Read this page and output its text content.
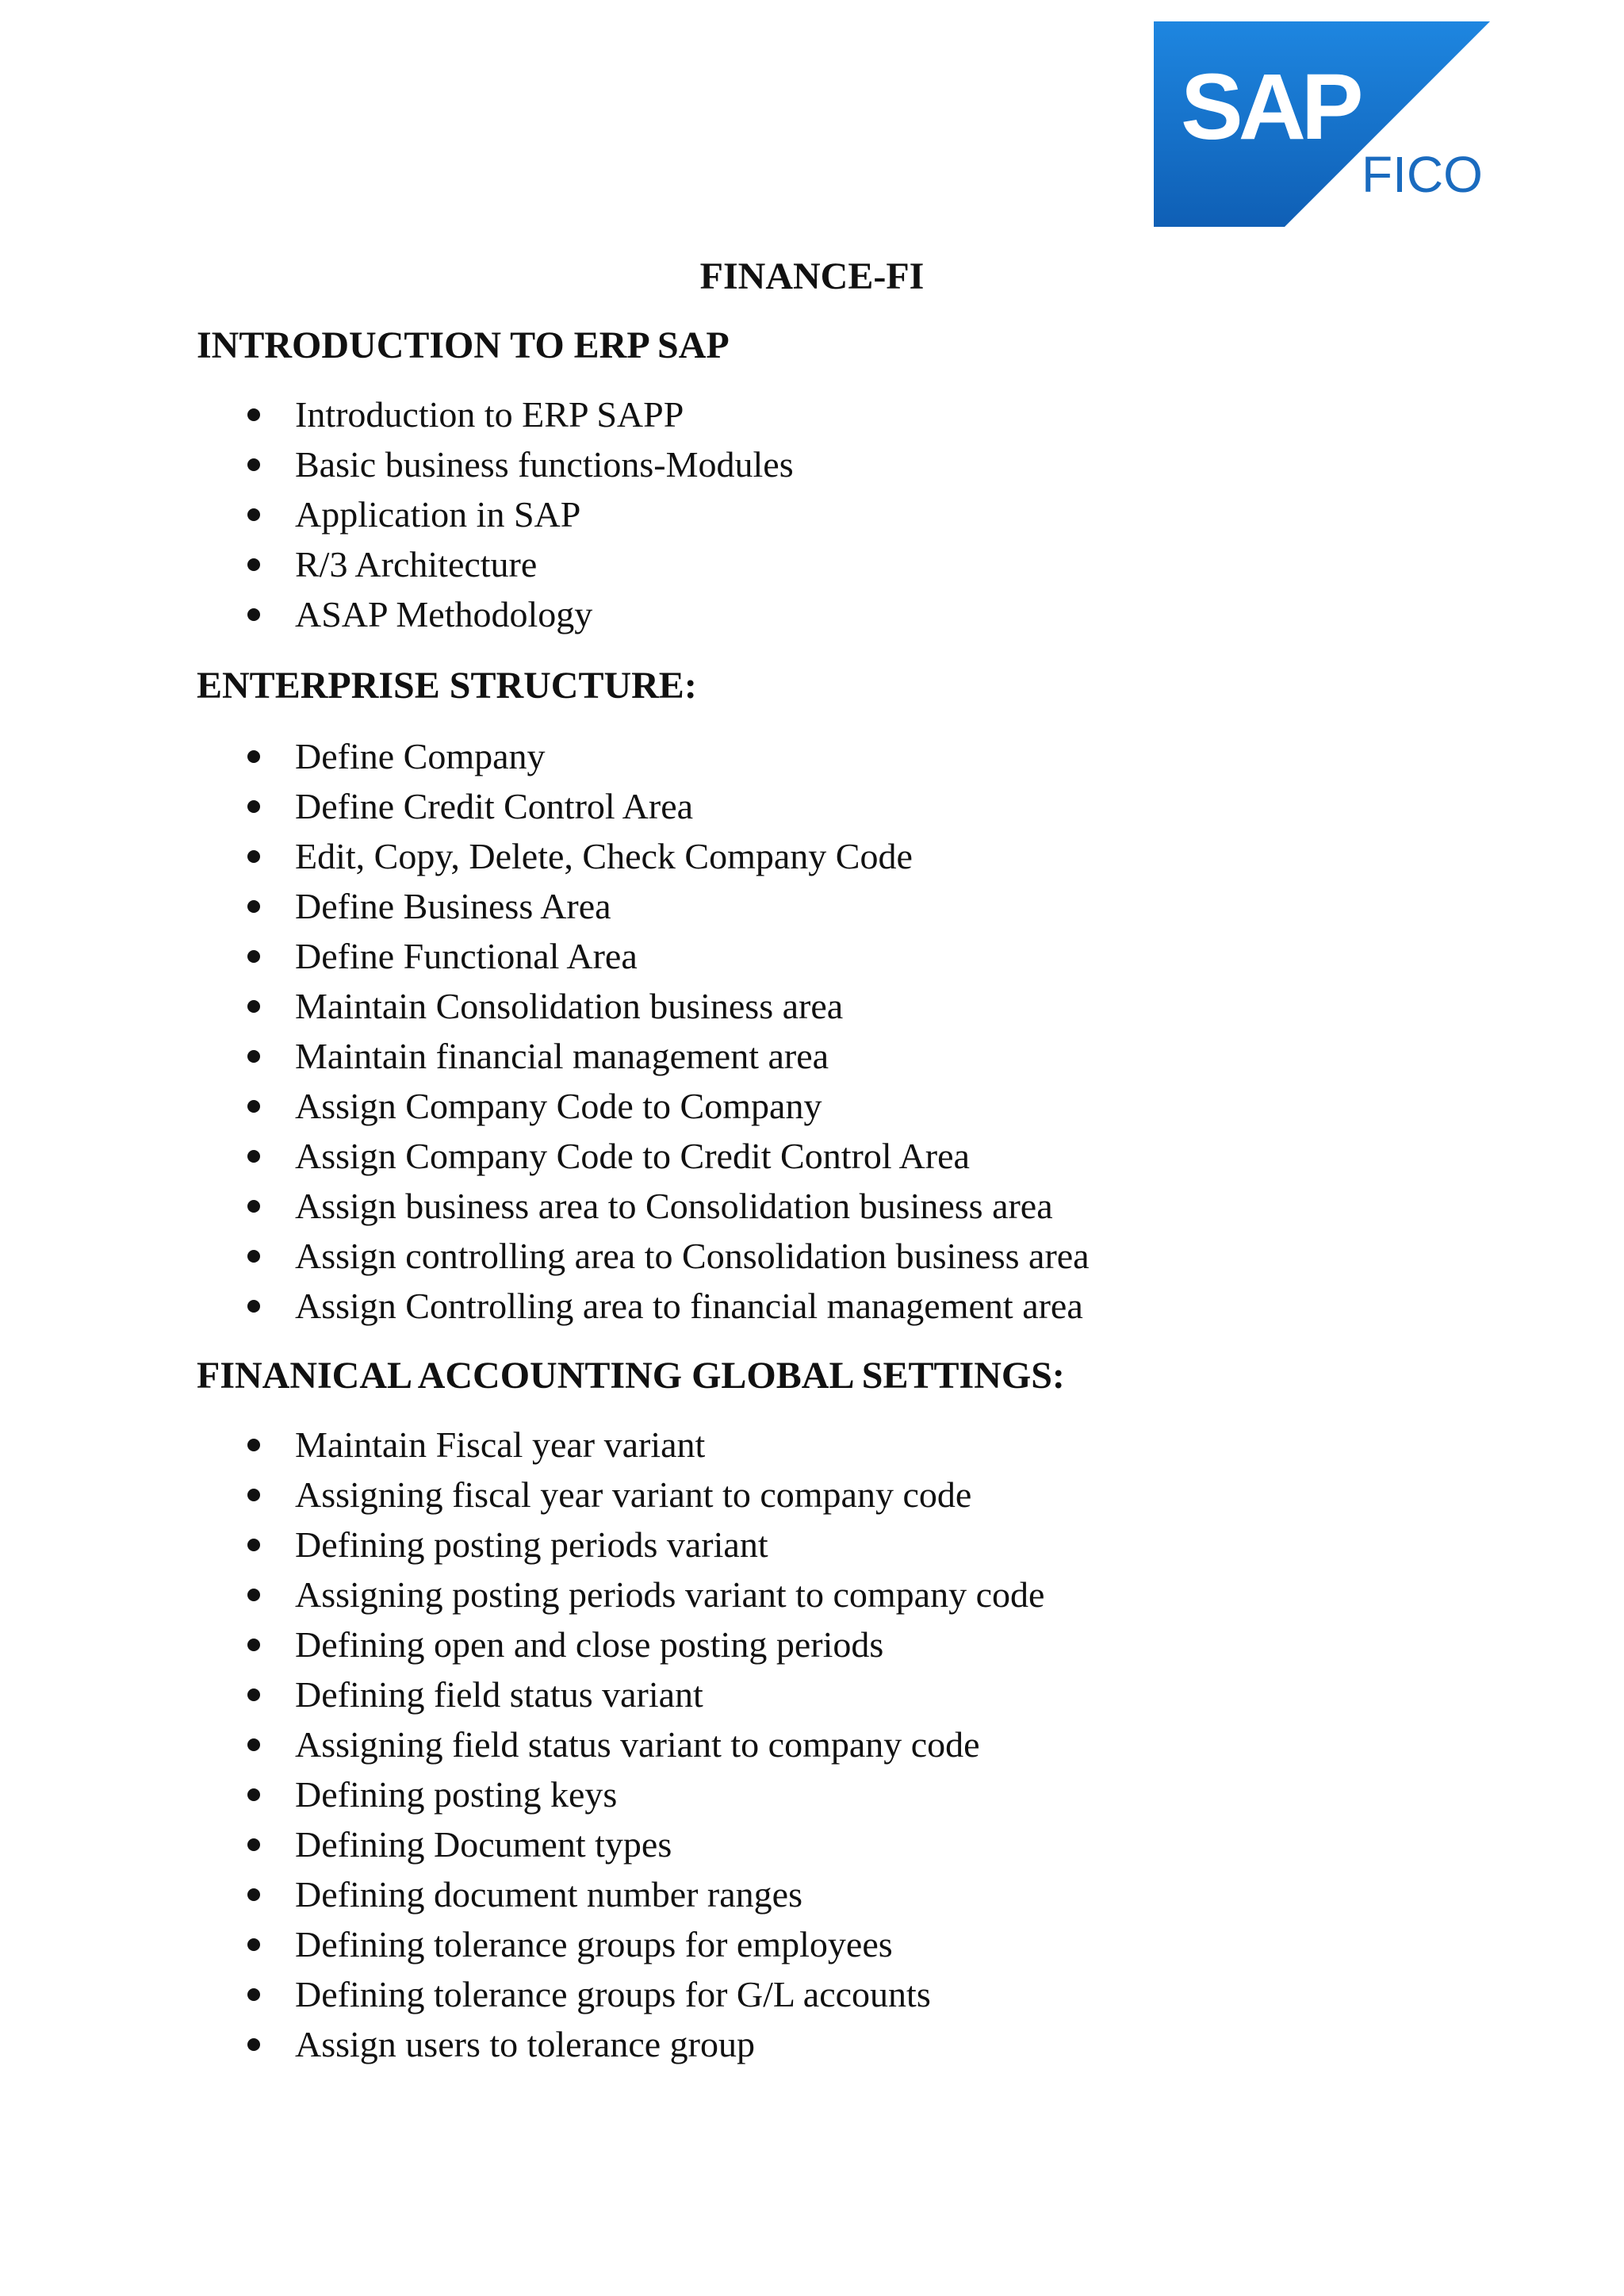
SAP
FICO
FINANCE-FI
INTRODUCTION TO ERP SAP
Introduction to ERP SAPP
Basic business functions-Modules
Application in SAP
R/3 Architecture
ASAP Methodology
ENTERPRISE STRUCTURE:
Define Company
Define Credit Control Area
Edit, Copy, Delete, Check Company Code
Define Business Area
Define Functional Area
Maintain Consolidation business area
Maintain financial management area
Assign Company Code to Company
Assign Company Code to Credit Control Area
Assign business area to Consolidation business area
Assign controlling area to Consolidation business area
Assign Controlling area to financial management area
FINANICAL ACCOUNTING GLOBAL SETTINGS:
Maintain Fiscal year variant
Assigning fiscal year variant to company code
Defining posting periods variant
Assigning posting periods variant to company code
Defining open and close posting periods
Defining field status variant
Assigning field status variant to company code
Defining posting keys
Defining Document types
Defining document number ranges
Defining tolerance groups for employees
Defining tolerance groups for G/L accounts
Assign users to tolerance group
